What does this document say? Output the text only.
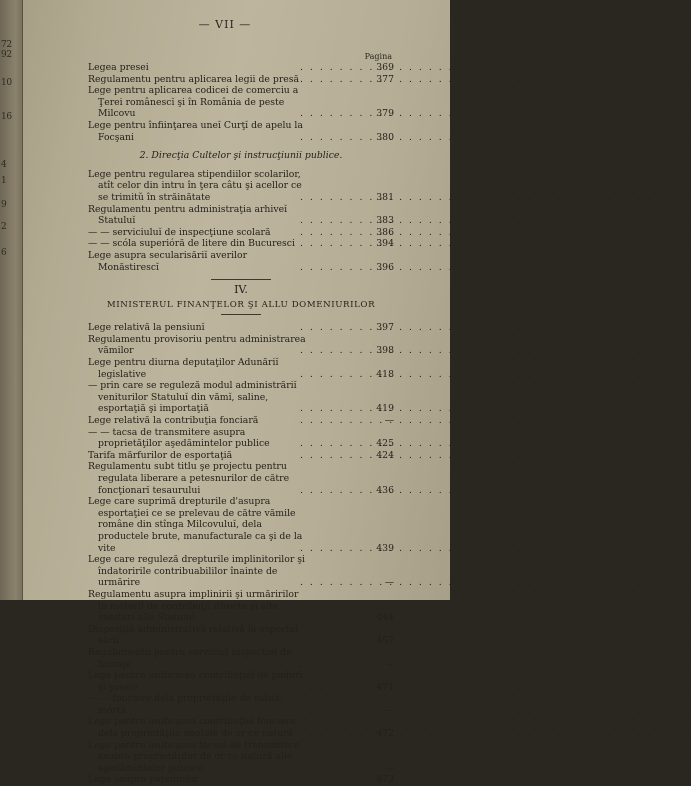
72
92
10
16
4
1
9
2
6
— VII —
Pagina
Legea presei . . .	369
Regulamentu pentru aplicarea legii de presă . . .	377
Lege pentru aplicarea codicei de comerciu a Ţerei românescĭ şi în România de peste Milcovu . . .	379
Lege pentru înfiinţarea uneĭ Curţĭ de apelu la Focşani . . .	380
2. Direcţia Cultelor şi instrucţiunii publice.
Lege pentru regularea stipendiilor scolarilor, atît celor din intru în ţera câtu şi acellor ce se trimitŭ în străinătate . . .	381
Regulamentu pentru administraţia arhiveĭ Statuluĭ . . .	383
— — serviciuluĭ de inspecţiune scolară . . .	386
— — scóla superióră de litere din Bucuresci . . .	394
Lege asupra secularisăriĭ averilor Monăstirescĭ . . .	396
IV.
MINISTERUL FINANŢELOR ŞI ALLU DOMENIURILOR
Lege relativă la pensiunĭ . . .	397
Regulamentu provisoriu pentru administrarea vămilor . . .	398
Lege pentru diurna deputaţilor Adunăriĭ legislative . . .	418
— prin care se reguleză modul administrăriĭ veniturilor Statuluĭ din vămĭ, saline, esportaţiă şi importaţiă . . .	419
Lege relativă la contribuţia fonciară . . .	—
— — tacsa de transmitere asupra proprietăţilor aşedămintelor publice . . .	425
Tarifa mărfurilor de esportaţiă . . .	424
Regulamentu subt titlu şe projectu pentru regulata liberare a petesnurilor de către foncţionarĭ tesaurului . . .	436
Lege care suprimă drepturile d'asupra esportaţiei ce se prelevau de către vămile române din stînga Milcovuluĭ, dela productele brute, manufacturale ca şi de la vite . . .	439
Lege care reguleză drepturile implinitorilor şi îndatoririle contribuabililor înainte de urmărire . . .	—
Regulamentu asupra implinirii şi urmăririlor în materiĭ de contribuţiĭ directe şi alte veniturĭ alle Statuluĭ . . .	444
Disposiţiă administrativă relativă la esportul săriĭ . . .	467
Regulamentu pentru serviciul inspecţieĭ de finanţe . . .	—
Lege pentru unificarea contribuţieĭ de podurĭ şi şosele . . .	471
— — fonciere dela proprietăţile de mână-mórtă . . .	—
Lege pentru unificarea contribuţieĭ fonciere dela proprietăţile imobile de or ce natură . . .	472
Lege pentru unificarea tacseĭ de transmitere asupra proprietăţilor de or ce natură alle aşedămintelor publice . . .	—
Lege asupra patentelor . . .	473
